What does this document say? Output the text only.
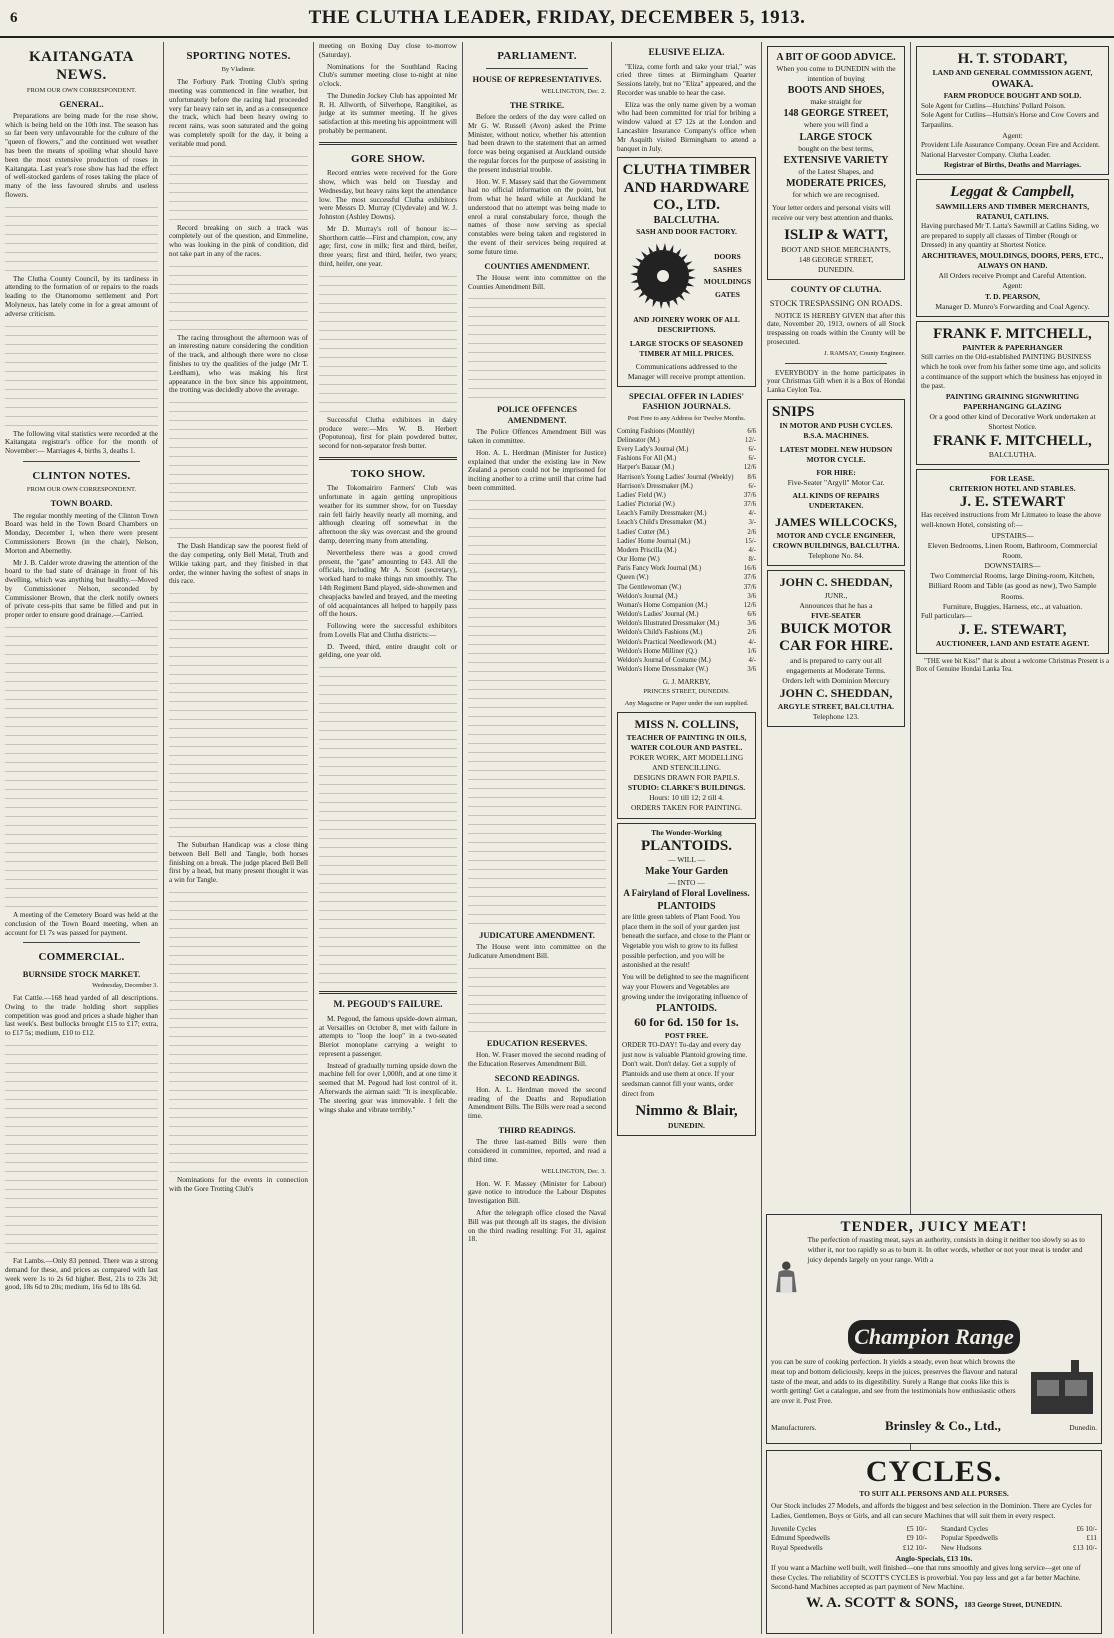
6	THE CLUTHA LEADER, FRIDAY, DECEMBER 5, 1913.
KAITANGATA NEWS.
FROM OUR OWN CORRESPONDENT.
GENERAL.

Preparations are being made for the rose show, which is being held on the 10th inst. The season has so far been very unfavourable for the culture of the "queen of flowers," and the continued wet weather has been the means of spoiling what should have been the most extensive production of roses in Kaitangata. Last year's rose show has had the effect of well-stocked gardens of roses taking the place of many of the less favoured shrubs and useless flowers.

The Clutha County Council, by its tardiness in attending to the formation of or repairs to the roads leading to the Otanomomo settlement and Port Molyneux, has lately come in for a great amount of adverse criticism.

The following vital statistics were recorded at the Kaitangata registrar's office for the month of November:— Marriages 4, births 3, deaths 1.

CLINTON NOTES.
FROM OUR OWN CORRESPONDENT.
TOWN BOARD.

The regular monthly meeting of the Clinton Town Board was held in the Town Board Chambers on Monday, December 1, when there were present Commissioners Brown (in the chair), Nelson, Morton and Abernethy.

Mr J. B. Calder wrote drawing the attention of the board to the bad state of drainage in front of his dwelling, which was anything but healthy.—Moved by Commissioner Nelson, seconded by Commissioner Brown, that the clerk notify owners of private cess-pits that same be filled and put in proper order to ensure good drainage.—Carried.

A meeting of the Cemetery Board was held at the conclusion of the Town Board meeting, when an account for £1 7s was passed for payment.

COMMERCIAL.
BURNSIDE STOCK MARKET.
Wednesday, December 3.

Fat Cattle.—168 head yarded of all descriptions. Owing to the trade holding short supplies competition was good and prices a shade higher than last week's. Best bullocks brought £15 to £17; extra, to £17 5s; medium, £10 to £12.

Fat Lambs.—Only 83 penned. There was a strong demand for these, and prices as compared with last week were 1s to 2s 6d higher. Best, 21s to 23s 3d; good, 18s 6d to 20s; medium, 16s 6d to 18s 6d.

SPORTING NOTES.
By Vladimir.

The Forbury Park Trotting Club's spring meeting was commenced in fine weather, but unfortunately before the racing had proceeded very far heavy rain set in, and as a consequence the track, which had been heavy owing to recent rains, was soon saturated and the going was completely spoilt for the day, it being a veritable mud pond.

Record breaking on such a track was completely out of the question, and Emmeline, who was looking in the pink of condition, did not take part in any of the races.

The racing throughout the afternoon was of an interesting nature considering the condition of the track, and although there were no close finishes to try the qualities of the judge (Mr T. Leedham), who was making his first appearance in the box since his appointment, the trotting was decidedly above the average.

The Dash Handicap saw the poorest field of the day competing, only Bell Metal, Truth and Wilkie taking part, and they finished in that order, the winner having the softest of snaps in this race.

The Suburban Handicap was a close thing between Bell Bell and Tangle, both horses finishing on a break. The judge placed Bell Bell first by a head, but many present thought it was a win for Tangle.

Nominations for the events in connection with the Gore Trotting Club's

meeting on Boxing Day close to-morrow (Saturday).

Nominations for the Southland Racing Club's summer meeting close to-night at nine o'clock.

The Dunedin Jockey Club has appointed Mr R. H. Allworth, of Silverhope, Rangitikei, as judge at its summer meeting. If he gives satisfaction at this meeting his appointment will probably be permanent.

GORE SHOW.

Record entries were received for the Gore show, which was held on Tuesday and Wednesday, but heavy rains kept the attendance low. The most successful Clutha exhibitors were Messrs D. Murray (Clydevale) and W. J. Johnston (Ashley Downs).

Mr D. Murray's roll of honour is:—Shorthorn cattle—First and champion, cow, any age; first, cow in milk; first and third, heifer, three years; first and third, heifer, two years; third, heifer, one year.

Successful Clutha exhibitors in dairy produce were:—Mrs W. B. Herbert (Popotunoa), first for plain powdered butter, second for non-separator fresh butter.

TOKO SHOW.

The Tokomairiro Farmers' Club was unfortunate in again getting unpropitious weather for its summer show, for on Tuesday rain fell fairly heavily nearly all morning, and although clearing off somewhat in the afternoon the sky was overcast and the ground damp, deterring many from attending.

Nevertheless there was a good crowd present, the "gate" amounting to £43. All the officials, including Mr A. Scott (secretary), worked hard to make things run smoothly. The 14th Regiment Band played, side-showmen and cheapjacks bawled and brayed, and the meeting of old acquaintances all helped to happily pass off the hours.

Following were the successful exhibitors from Lovells Flat and Clutha districts:—

D. Tweed, third, entire draught colt or gelding, one year old.

M. PEGOUD'S FAILURE.

M. Pegoud, the famous upside-down airman, at Versailles on October 8, met with failure in attempts to "loop the loop" in a two-seated Bleriot monoplane carrying a weight to represent a passenger.

Instead of gradually turning upside down the machine fell for over 1,000ft, and at one time it seemed that M. Pegoud had lost control of it. Afterwards the airman said: "It is inexplicable. The steering gear was immovable. I felt the wings shake and vibrate terribly."

PARLIAMENT.
HOUSE OF REPRESENTATIVES.
WELLINGTON, Dec. 2.
THE STRIKE.

Before the orders of the day were called on Mr G. W. Russell (Avon) asked the Prime Minister, without notice, whether his attention had been drawn to the statement that an armed force was being organised at Auckland outside the regular forces for the purpose of assisting in the present industrial trouble.

Hon. W. F. Massey said that the Government had no official information on the point, but from what he heard while at Auckland he understood that no attempt was being made to enrol a rural constabulary force, though the names of those now serving as special constables were being taken and registered in the event of their services being required at some future time.

COUNTIES AMENDMENT.

The House went into committee on the Counties Amendment Bill.

POLICE OFFENCES AMENDMENT.

The Police Offences Amendment Bill was taken in committee.

Hon. A. L. Herdman (Minister for Justice) explained that under the existing law in New Zealand a person could not be imprisoned for inciting another to a crime until that crime had been committed.

JUDICATURE AMENDMENT.

The House went into committee on the Judicature Amendment Bill.

EDUCATION RESERVES.

Hon. W. Fraser moved the second reading of the Education Reserves Amendment Bill.

SECOND READINGS.

Hon. A. L. Herdman moved the second reading of the Deaths and Repudiation Amendment Bills. The Bills were read a second time.

THIRD READINGS.

The three last-named Bills were then considered in committee, reported, and read a third time.

WELLINGTON, Dec. 3.

Hon. W. F. Massey (Minister for Labour) gave notice to introduce the Labour Disputes Investigation Bill.

After the telegraph office closed the Naval Bill was put through all its stages, the division on the third reading resulting: For 31, against 18.

ELUSIVE ELIZA.

"Eliza, come forth and take your trial," was cried three times at Birmingham Quarter Sessions lately, but no "Eliza" appeared, and the Recorder was unable to hear the case.

Eliza was the only name given by a woman who had been committed for trial for bribing a window valued at £7 12s at the London and Lancashire Insurance Company's office when Mr Asquith visited Birmingham to attend a banquet in July.

CLUTHA TIMBER AND HARDWARE CO., LTD.
BALCLUTHA.
SASH AND DOOR FACTORY.
DOORS
SASHES
MOULDINGS
GATES
AND JOINERY WORK OF ALL DESCRIPTIONS.
LARGE STOCKS OF SEASONED TIMBER AT MILL PRICES.
Communications addressed to the Manager will receive prompt attention.
SPECIAL OFFER IN LADIES' FASHION JOURNALS.
Post Free to any Address for Twelve Months.
Coming Fashions (Monthly)	6/6
Delineator (M.)	12/-
Every Lady's Journal (M.)	6/-
Fashions For All (M.)	6/-
Harper's Bazaar (M.)	12/6
Harrison's Young Ladies' Journal (Weekly) 8/6
Harrison's Dressmaker (M.)	6/-
Ladies' Field (W.)	37/6
Ladies' Pictorial (W.)	37/6
Leach's Family Dressmaker (M.)	4/-
Leach's Child's Dressmaker (M.)	3/-
Ladies' Cutter (M.)	2/6
Ladies' Home Journal (M.)	15/-
Modern Priscilla (M.)	4/-
Our Home (W.)	8/-
Paris Fancy Work Journal (M.)	16/6
Queen (W.)	37/6
The Gentlewoman (W.)	37/6
Weldon's Journal (M.)	3/6
Woman's Home Companion (M.)	12/6
Weldon's Ladies' Journal (M.)	6/6
Weldon's Illustrated Dressmaker (M.)	3/6
Weldon's Child's Fashions (M.)	2/6
Weldon's Practical Needlework (M.)	4/-
Weldon's Home Milliner (Q.)	1/6
Weldon's Journal of Costume (M.)	4/-
Weldon's Home Dressmaker (W.)	3/6
G. J. MARKBY,
PRINCES STREET, DUNEDIN.
Any Magazine or Paper under the sun supplied.
MISS N. COLLINS,
TEACHER OF PAINTING IN OILS, WATER COLOUR AND PASTEL.
POKER WORK, ART MODELLING AND STENCILLING.
DESIGNS DRAWN FOR PAPILS.
STUDIO: CLARKE'S BUILDINGS.
Hours: 10 till 12; 2 till 4.
ORDERS TAKEN FOR PAINTING.
The Wonder-Working
PLANTOIDS.
— WILL —
Make Your Garden
— INTO —
A Fairyland of Floral Loveliness.
PLANTOIDS
are little green tablets of Plant Food. You place them in the soil of your garden just beneath the surface, and close to the Plant or Vegetable you wish to grow to its fullest possible perfection, and you will be astonished at the result!
You will be delighted to see the magnificent way your Flowers and Vegetables are growing under the invigorating influence of
PLANTOIDS.
60 for 6d. 150 for 1s.
POST FREE.
ORDER TO-DAY! To-day and every day just now is valuable Plantoid growing time. Don't wait. Don't delay. Get a supply of Plantoids and use them at once. If your seedsman cannot fill your wants, order direct from
Nimmo & Blair,
DUNEDIN.
A BIT OF GOOD ADVICE.
When you come to DUNEDIN with the intention of buying
BOOTS AND SHOES,
make straight for
148 GEORGE STREET,
where you will find a
LARGE STOCK
bought on the best terms,
EXTENSIVE VARIETY
of the Latest Shapes, and
MODERATE PRICES,
for which we are recognised.
Your letter orders and personal visits will receive our very best attention and thanks.
ISLIP & WATT,
BOOT AND SHOE MERCHANTS,
148 GEORGE STREET,
DUNEDIN.
COUNTY OF CLUTHA.
STOCK TRESPASSING ON ROADS.

NOTICE IS HEREBY GIVEN that after this date, November 20, 1913, owners of all Stock trespassing on roads within the County will be prosecuted.

J. RAMSAY, County Engineer.

EVERYBODY in the home participates in your Christmas Gift when it is a Box of Hondai Lanka Ceylon Tea.

SNIPS
IN MOTOR AND PUSH CYCLES. B.S.A. MACHINES.
LATEST MODEL NEW HUDSON MOTOR CYCLE.
FOR HIRE:
Five-Seater "Argyll" Motor Car.
ALL KINDS OF REPAIRS UNDERTAKEN.
JAMES WILLCOCKS,
MOTOR AND CYCLE ENGINEER, CROWN BUILDINGS, BALCLUTHA.
Telephone No. 84.
JOHN C. SHEDDAN,
JUNR.,
Announces that he has a
FIVE-SEATER
BUICK MOTOR CAR FOR HIRE.
and is prepared to carry out all engagements at Moderate Terms.
Orders left with Dominion Mercury
JOHN C. SHEDDAN,
ARGYLE STREET, BALCLUTHA.
Telephone 123.
H. T. STODART,
LAND AND GENERAL COMMISSION AGENT,
OWAKA.
FARM PRODUCE BOUGHT AND SOLD.
Sole Agent for Cutlins—Hutchins' Pollard Poison.
Sole Agent for Cutlins—Huttsin's Horse and Cow Covers and Tarpaulins.
Agent:
Provident Life Assurance Company. Ocean Fire and Accident. National Harvester Company. Clutha Leader.
Registrar of Births, Deaths and Marriages.
Leggat & Campbell,
SAWMILLERS AND TIMBER MERCHANTS,
RATANUI, CATLINS.
Having purchased Mr T. Latta's Sawmill at Catlins Siding, we are prepared to supply all classes of Timber (Rough or Dressed) in any quantity at Shortest Notice.
ARCHITRAVES, MOULDINGS, DOORS, PERS, ETC., ALWAYS ON HAND.
All Orders receive Prompt and Careful Attention.
Agent:
T. D. PEARSON,
Manager D. Munro's Forwarding and Coal Agency.
FRANK F. MITCHELL,
PAINTER & PAPERHANGER
Still carries on the Old-established PAINTING BUSINESS which he took over from his father some time ago, and solicits a continuance of the support which the business has enjoyed in the past.
PAINTING GRAINING SIGNWRITING PAPERHANGING GLAZING
Or a good other kind of Decorative Work undertaken at Shortest Notice.
FRANK F. MITCHELL,
BALCLUTHA.
FOR LEASE.
CRITERION HOTEL AND STABLES.
J. E. STEWART
Has received instructions from Mr Litmateo to lease the above well-known Hotel, consisting of:—
UPSTAIRS—
Eleven Bedrooms, Linen Room, Bathroom, Commercial Room.
DOWNSTAIRS—
Two Commercial Rooms, large Dining-room, Kitchen, Billiard Room and Table (as good as new), Two Sample Rooms.
Furniture, Buggies, Harness, etc., at valuation.
Full particulars—
J. E. STEWART,
AUCTIONEER, LAND AND ESTATE AGENT.

"THE wee bit Kiss!" that is about a welcome Christmas Present is a Box of Genuine Hondai Lanka Tea.

TENDER, JUICY MEAT!
The perfection of roasting meat, says an authority, consists in doing it neither too slowly so as to wither it, nor too rapidly so as to burn it. In other words, whether or not your meat is tender and juicy depends largely on your range. With a
Champion Range
you can be sure of cooking perfection. It yields a steady, even heat which browns the meat top and bottom deliciously, keeps in the juices, preserves the flavour and natural taste of the meat, and adds to its digestibility. Surely a Range that cooks like this is worth getting! Get a catalogue, and see from the testimonials how enthusiastic others are over it. Post Free.
Manufacturers.	Brinsley & Co., Ltd.,	Dunedin.
CYCLES.
TO SUIT ALL PERSONS AND ALL PURSES.
Our Stock includes 27 Models, and affords the biggest and best selection in the Dominion. There are Cycles for Ladies, Gentlemen, Boys or Girls, and all can secure Machines that will suit them in every respect.
Juvenile Cycles	£5 10/- Standard Cycles	£6 10/-
Edmund Speedwells	£9 10/- Popular Speedwells	£11
Royal Speedwells	£12 10/- New Hudsons	£13 10/-
Anglo-Specials, £13 10s.
If you want a Machine well built, well finished—one that runs smoothly and gives long service—get one of these Cycles. The reliability of SCOTT'S CYCLES is proverbial. You pay less and get a far better Machine. Second-hand Machines accepted as part payment of New Machine.
W. A. SCOTT & SONS, 183 George Street, DUNEDIN.
